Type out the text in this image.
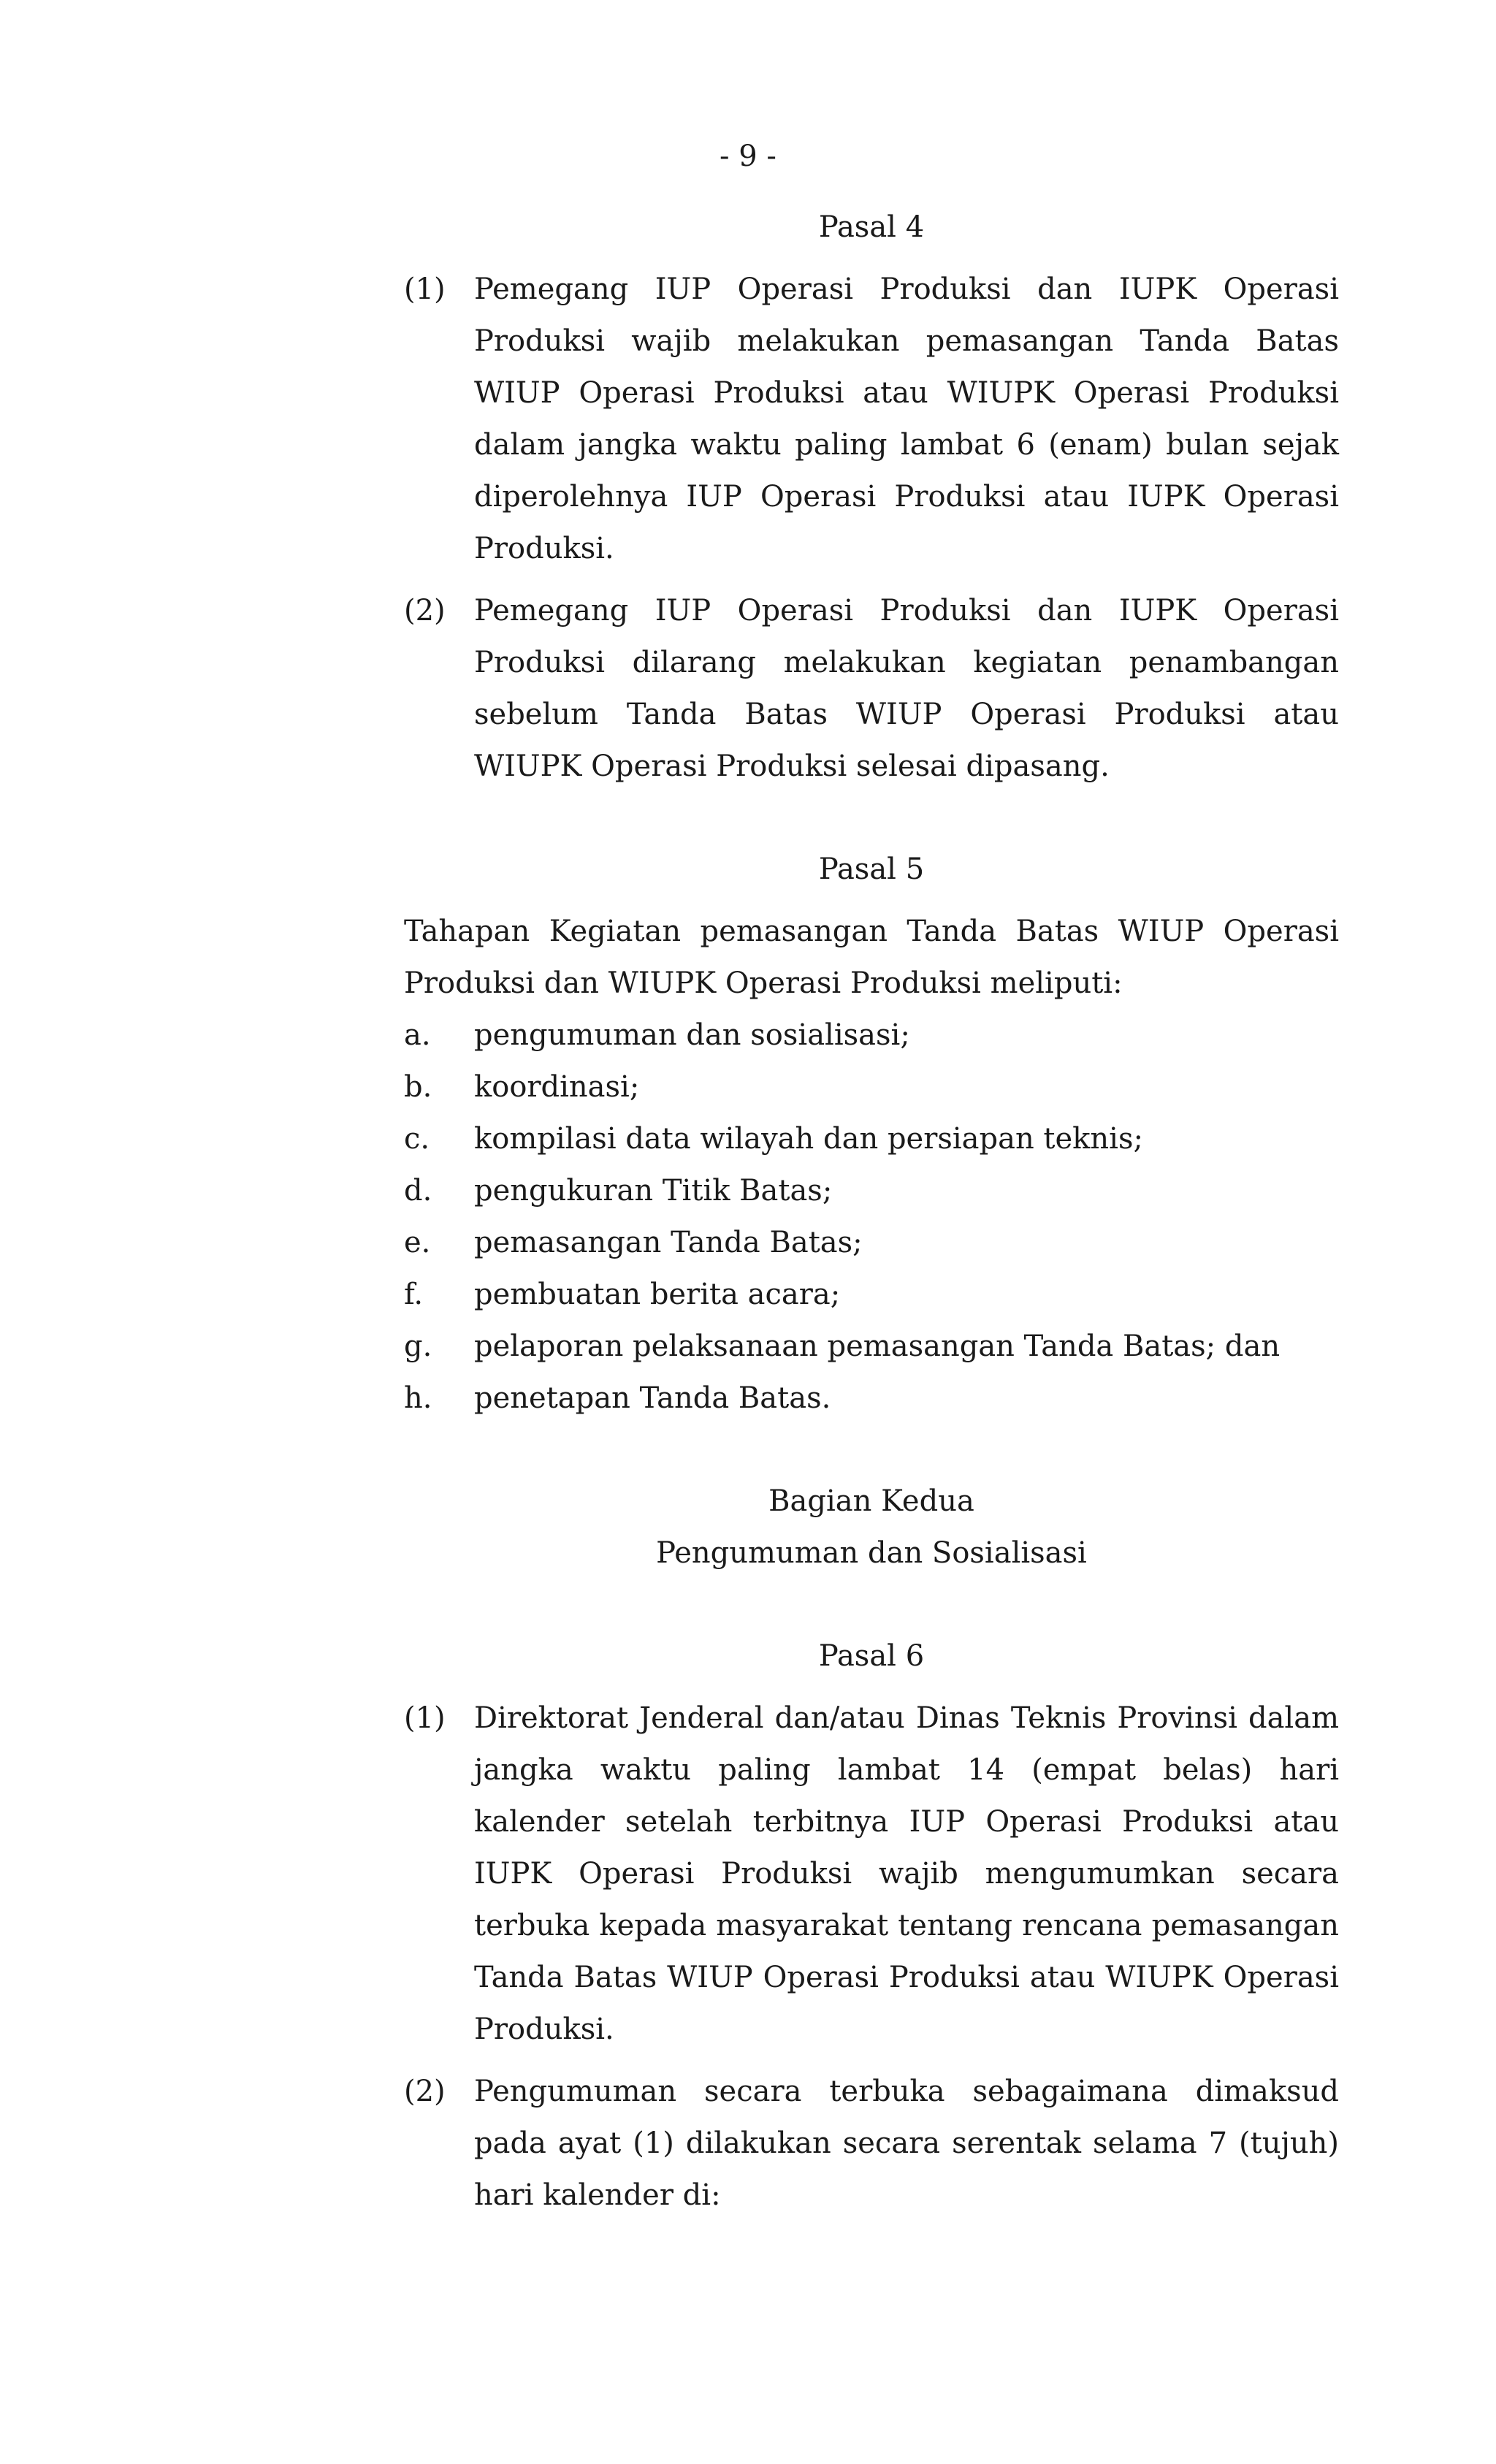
- 9 -

Pasal 4

(1) Pemegang IUP Operasi Produksi dan IUPK Operasi Produksi wajib melakukan pemasangan Tanda Batas WIUP Operasi Produksi atau WIUPK Operasi Produksi dalam jangka waktu paling lambat 6 (enam) bulan sejak diperolehnya IUP Operasi Produksi atau IUPK Operasi Produksi.
(2) Pemegang IUP Operasi Produksi dan IUPK Operasi Produksi dilarang melakukan kegiatan penambangan sebelum Tanda Batas WIUP Operasi Produksi atau WIUPK Operasi Produksi selesai dipasang.

Pasal 5

Tahapan Kegiatan pemasangan Tanda Batas WIUP Operasi Produksi dan WIUPK Operasi Produksi meliputi:

a.	pengumuman dan sosialisasi;
b.	koordinasi;
c.	kompilasi data wilayah dan persiapan teknis;
d.	pengukuran Titik Batas;
e.	pemasangan Tanda Batas;
f.	pembuatan berita acara;
g.	pelaporan pelaksanaan pemasangan Tanda Batas; dan
h.	penetapan Tanda Batas.

Bagian Kedua

Pengumuman dan Sosialisasi

Pasal 6

(1) Direktorat Jenderal dan/atau Dinas Teknis Provinsi dalam jangka waktu paling lambat 14 (empat belas) hari kalender setelah terbitnya IUP Operasi Produksi atau IUPK Operasi Produksi wajib mengumumkan secara terbuka kepada masyarakat tentang rencana pemasangan Tanda Batas WIUP Operasi Produksi atau WIUPK Operasi Produksi.
(2) Pengumuman secara terbuka sebagaimana dimaksud pada ayat (1) dilakukan secara serentak selama 7 (tujuh) hari kalender di:
